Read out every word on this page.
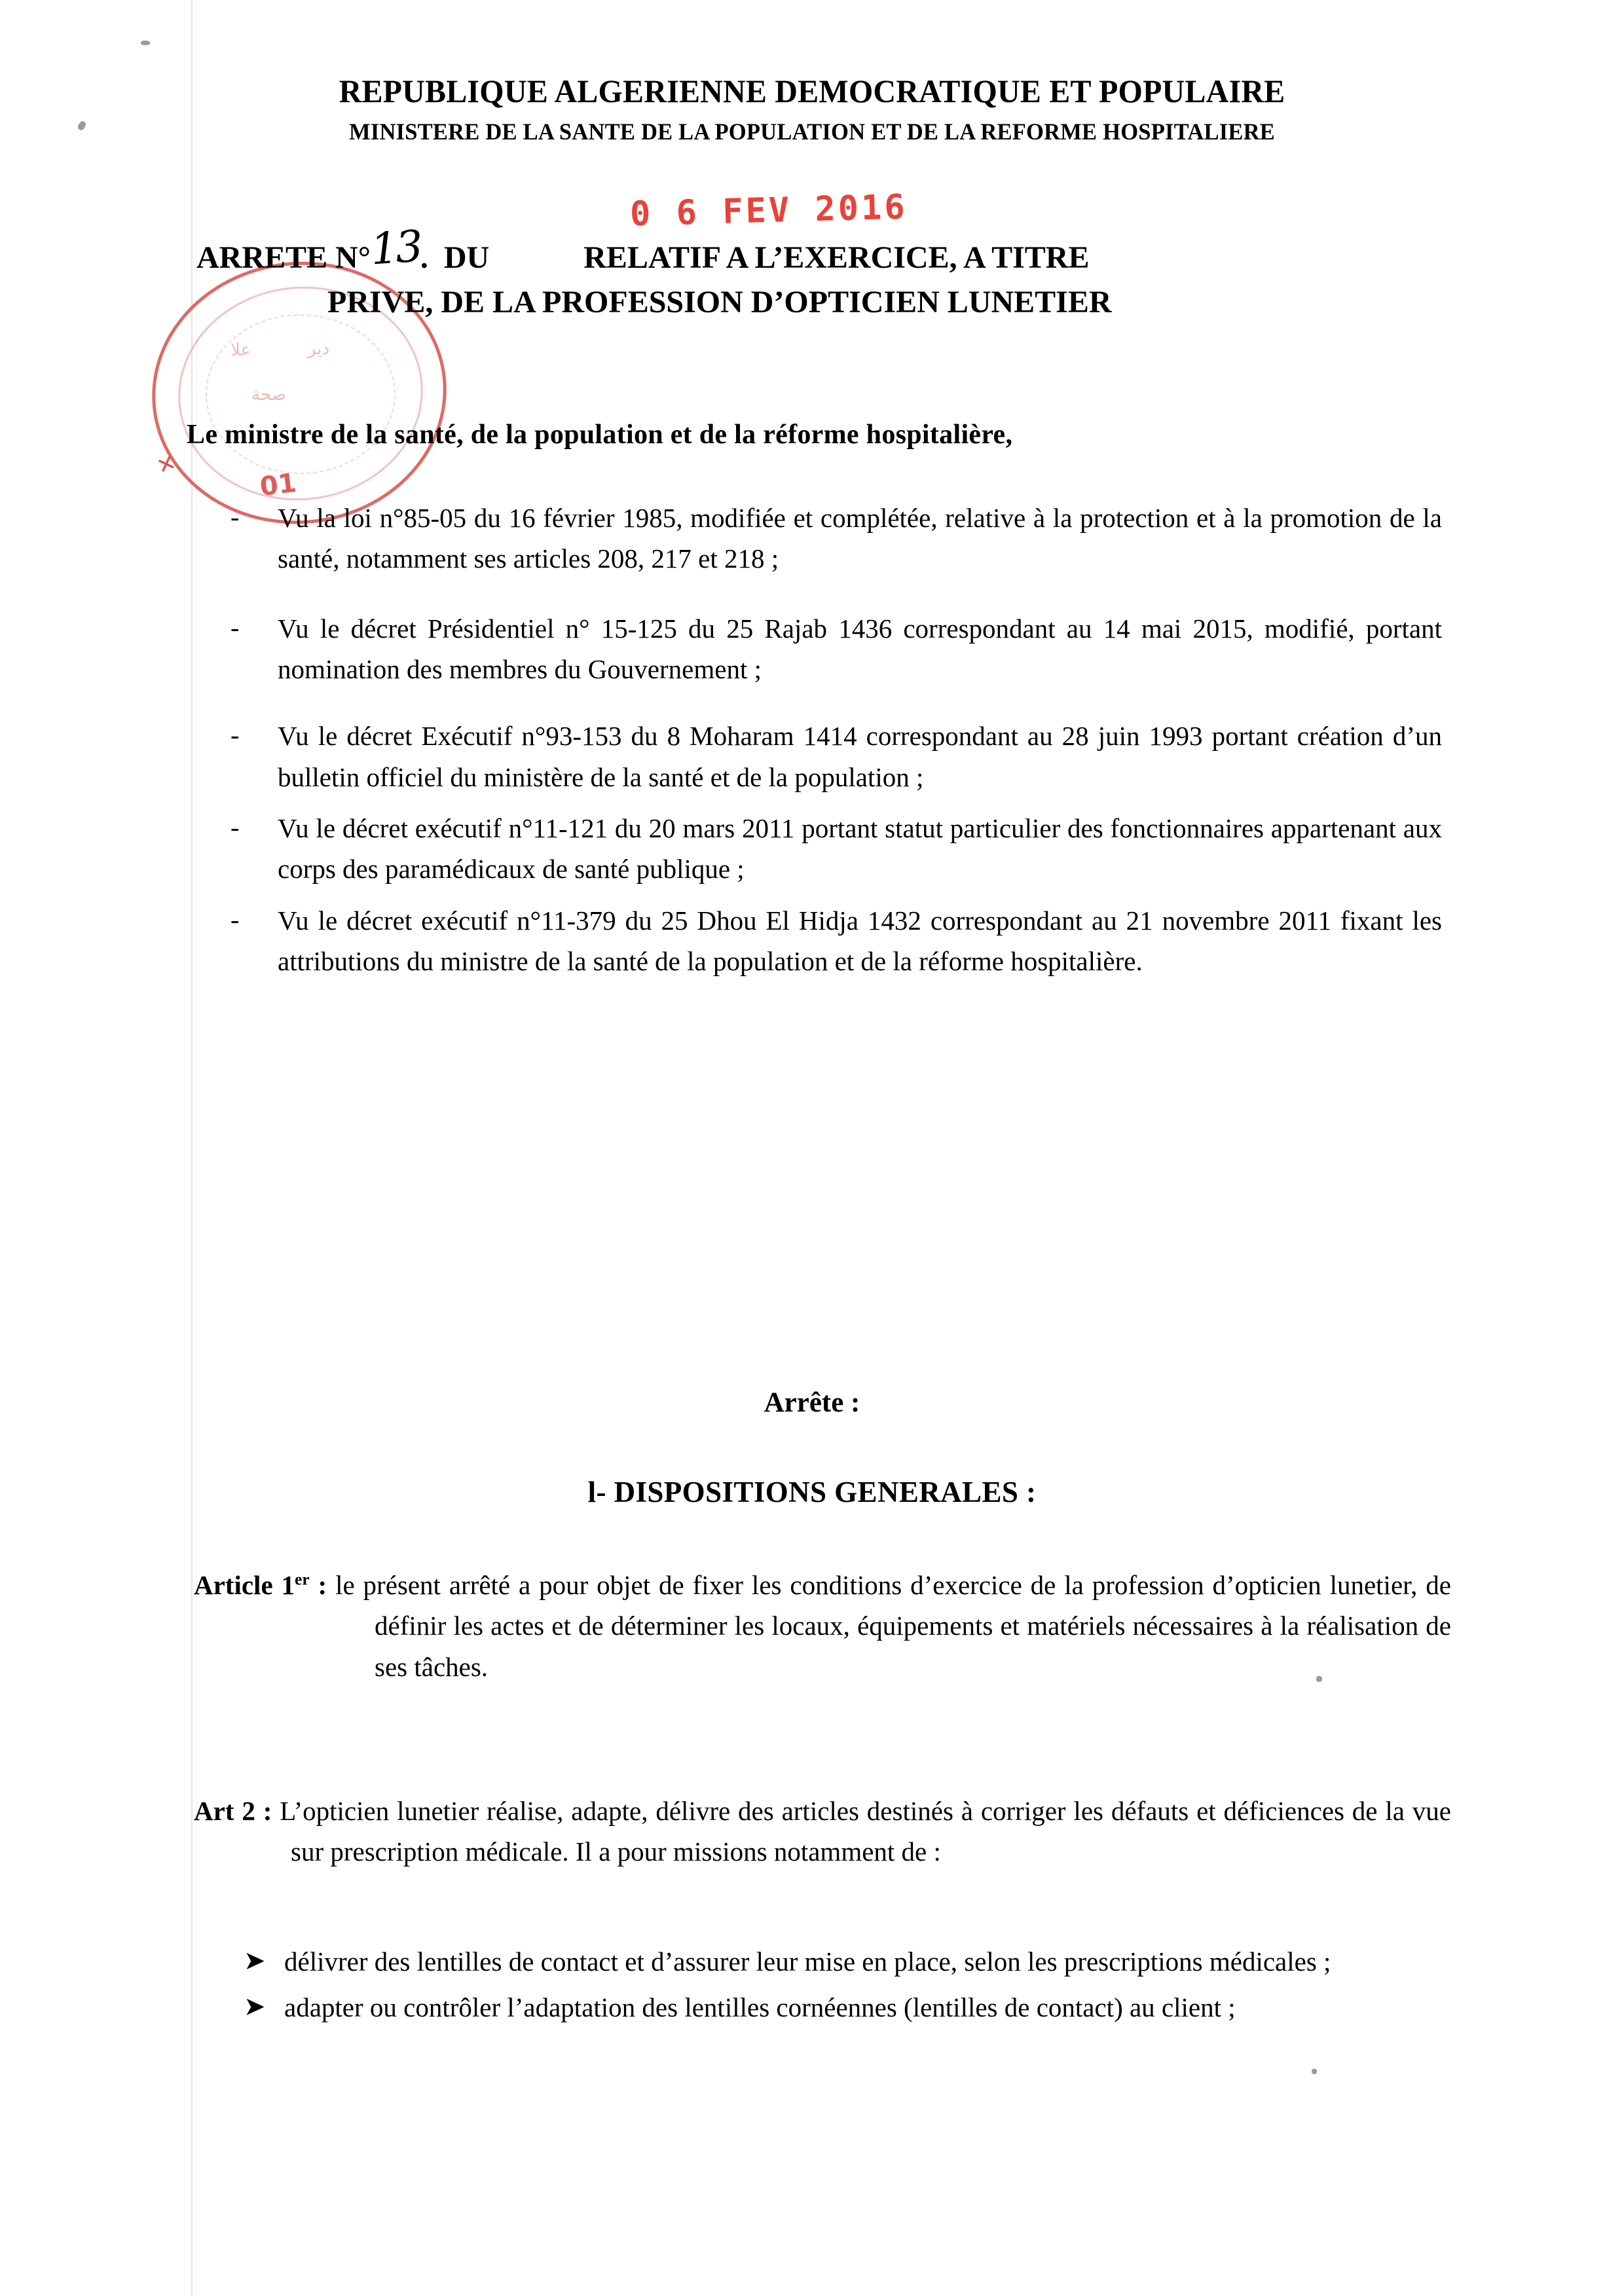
REPUBLIQUE ALGERIENNE DEMOCRATIQUE ET POPULAIRE
MINISTERE DE LA SANTE DE LA POPULATION ET DE LA REFORME HOSPITALIERE
0 6 FEV 2016
علا	دير
صحة
✕
01
ARRETE N°13. DU	RELATIF A L’EXERCICE, A TITRE
PRIVE, DE LA PROFESSION D’OPTICIEN LUNETIER
Le ministre de la santé, de la population et de la réforme hospitalière,
-	Vu la loi n°85-05 du 16 février 1985, modifiée et complétée, relative à la protection et à la promotion de la santé, notamment ses articles 208, 217 et 218 ;
-	Vu le décret Présidentiel n° 15-125 du 25 Rajab 1436 correspondant au 14 mai 2015, modifié, portant nomination des membres du Gouvernement ;
-	Vu le décret Exécutif n°93-153 du 8 Moharam 1414 correspondant au 28 juin 1993 portant création d’un bulletin officiel du ministère de la santé et de la population ;
-	Vu le décret exécutif n°11-121 du 20 mars 2011 portant statut particulier des fonctionnaires appartenant aux corps des paramédicaux de santé publique ;
-	Vu le décret exécutif n°11-379 du 25 Dhou El Hidja 1432 correspondant au 21 novembre 2011 fixant les attributions du ministre de la santé de la population et de la réforme hospitalière.
Arrête :
l- DISPOSITIONS GENERALES :
Article 1er : le présent arrêté a pour objet de fixer les conditions d’exercice de la profession d’opticien lunetier, de définir les actes et de déterminer les locaux, équipements et matériels nécessaires à la réalisation de ses tâches.
Art 2 : L’opticien lunetier réalise, adapte, délivre des articles destinés à corriger les défauts et déficiences de la vue sur prescription médicale. Il a pour missions notamment de :
➤ délivrer des lentilles de contact et d’assurer leur mise en place, selon les prescriptions médicales ;
➤ adapter ou contrôler l’adaptation des lentilles cornéennes (lentilles de contact) au client ;
